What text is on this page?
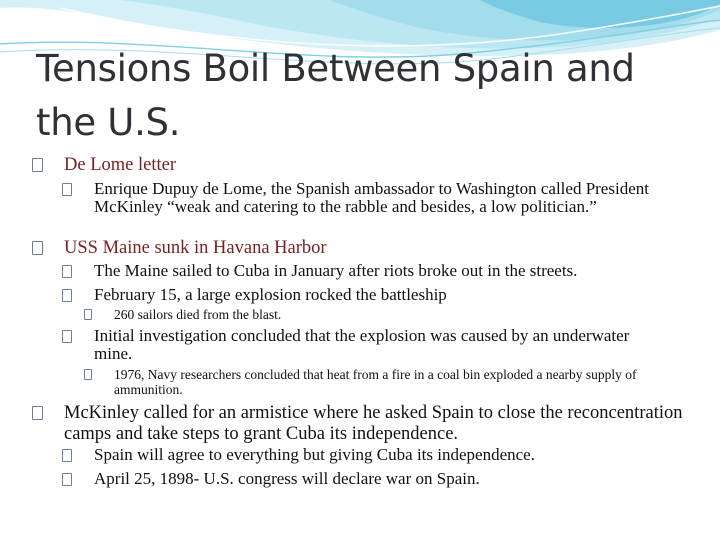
Tensions Boil Between Spain and the U.S.
De Lome letter
Enrique Dupuy de Lome, the Spanish ambassador to Washington called President McKinley “weak and catering to the rabble and besides, a low politician.”
USS Maine sunk in Havana Harbor
The Maine sailed to Cuba in January after riots broke out in the streets.
February 15, a large explosion rocked the battleship
260 sailors died from the blast.
Initial investigation concluded that the explosion was caused by an underwater mine.
1976, Navy researchers concluded that heat from a fire in a coal bin exploded a nearby supply of ammunition.
McKinley called for an armistice where he asked Spain to close the reconcentration camps and take steps to grant Cuba its independence.
Spain will agree to everything but giving Cuba its independence.
April 25, 1898- U.S. congress will declare war on Spain.
